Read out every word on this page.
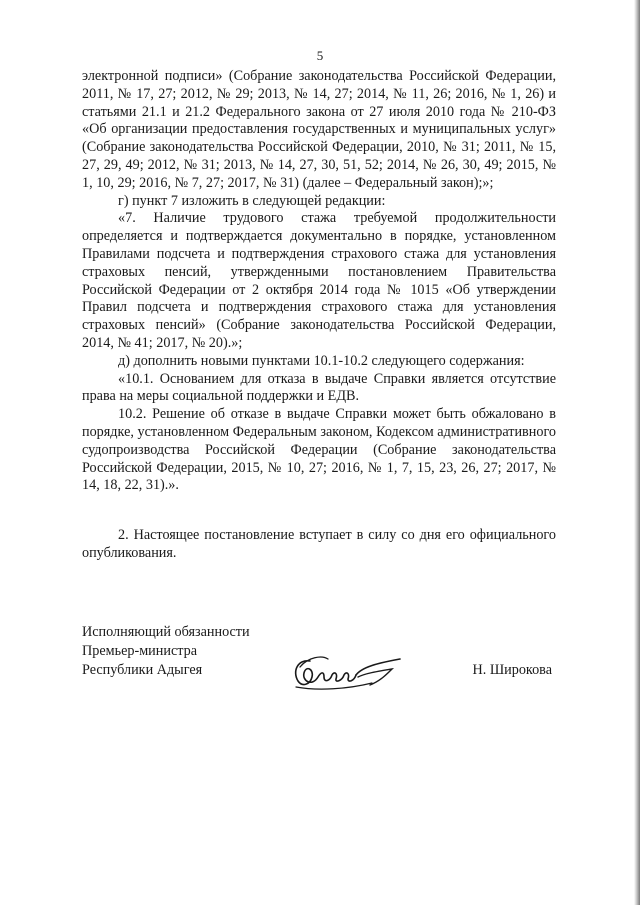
5

электронной подписи» (Собрание законодательства Российской Федерации, 2011, № 17, 27; 2012, № 29; 2013, № 14, 27; 2014, № 11, 26; 2016, № 1, 26) и статьями 21.1 и 21.2 Федерального закона от 27 июля 2010 года № 210-ФЗ «Об организации предоставления государственных и муниципальных услуг» (Собрание законодательства Российской Федерации, 2010, № 31; 2011, № 15, 27, 29, 49; 2012, № 31; 2013, № 14, 27, 30, 51, 52; 2014, № 26, 30, 49; 2015, № 1, 10, 29; 2016, № 7, 27; 2017, № 31) (далее – Федеральный закон);»;

г) пункт 7 изложить в следующей редакции:

«7. Наличие трудового стажа требуемой продолжительности определяется и подтверждается документально в порядке, установленном Правилами подсчета и подтверждения страхового стажа для установления страховых пенсий, утвержденными постановлением Правительства Российской Федерации от 2 октября 2014 года № 1015 «Об утверждении Правил подсчета и подтверждения страхового стажа для установления страховых пенсий» (Собрание законодательства Российской Федерации, 2014, № 41; 2017, № 20).»;

д) дополнить новыми пунктами 10.1-10.2 следующего содержания:

«10.1. Основанием для отказа в выдаче Справки является отсутствие права на меры социальной поддержки и ЕДВ.

10.2. Решение об отказе в выдаче Справки может быть обжаловано в порядке, установленном Федеральным законом, Кодексом административного судопроизводства Российской Федерации (Собрание законодательства Российской Федерации, 2015, № 10, 27; 2016, № 1, 7, 15, 23, 26, 27; 2017, № 14, 18, 22, 31).».

2. Настоящее постановление вступает в силу со дня его официального опубликования.

Исполняющий обязанности
Премьер-министра
Республики Адыгея	Н. Широкова
